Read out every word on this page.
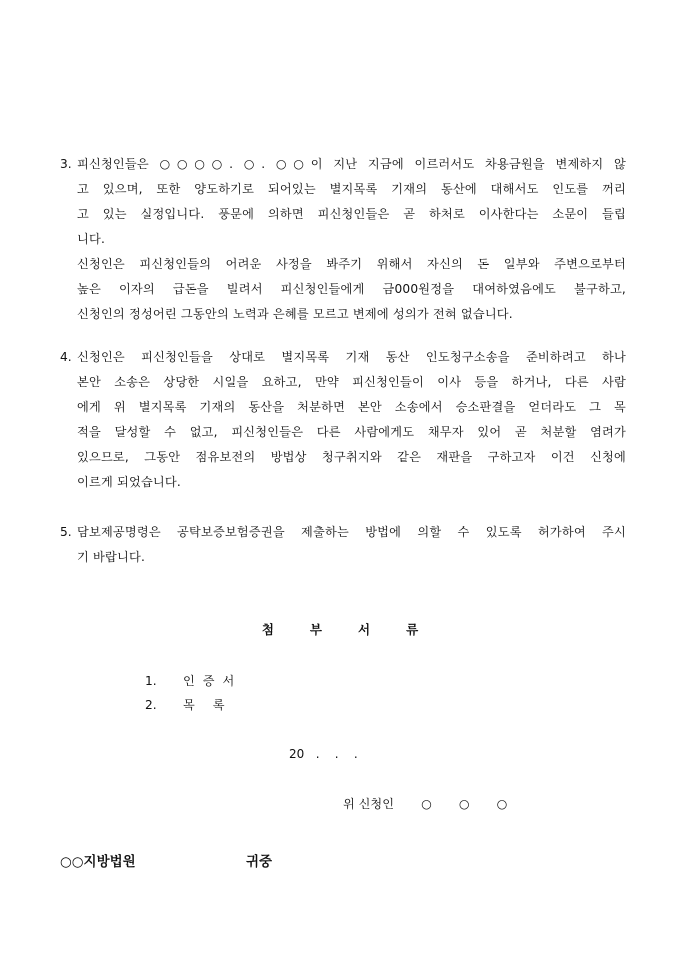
3. 피신청인들은 ○○○○. ○. ○○이 지난 지금에 이르러서도 차용금원을 변제하지 않
고 있으며, 또한 양도하기로 되어있는 별지목록 기재의 동산에 대해서도 인도를 꺼리
고 있는 실정입니다. 풍문에 의하면 피신청인들은 곧 하처로 이사한다는 소문이 들립
니다.
신청인은 피신청인들의 어려운 사정을 봐주기 위해서 자신의 돈 일부와 주변으로부터
높은 이자의 급돈을 빌려서 피신청인들에게 금000원정을 대여하였음에도 불구하고,
신청인의 정성어린 그동안의 노력과 은혜를 모르고 변제에 성의가 전혀 없습니다.
4. 신청인은 피신청인들을 상대로 별지목록 기재 동산 인도청구소송을 준비하려고 하나
본안 소송은 상당한 시일을 요하고, 만약 피신청인들이 이사 등을 하거나, 다른 사람
에게 위 별지목록 기재의 동산을 처분하면 본안 소송에서 승소판결을 얻더라도 그 목
적을 달성할 수 없고, 피신청인들은 다른 사람에게도 채무자 있어 곧 처분할 염려가
있으므로, 그동안 점유보전의 방법상 청구취지와 같은 재판을 구하고자 이건 신청에
이르게 되었습니다.
5. 담보제공명령은 공탁보증보험증권을 제출하는 방법에 의할 수 있도록 허가하여 주시
기 바랍니다.
첨부서류
1. 인증서
2. 목록
20   .    .    .
위 신청인       ○       ○       ○
○○지방법원	귀중
